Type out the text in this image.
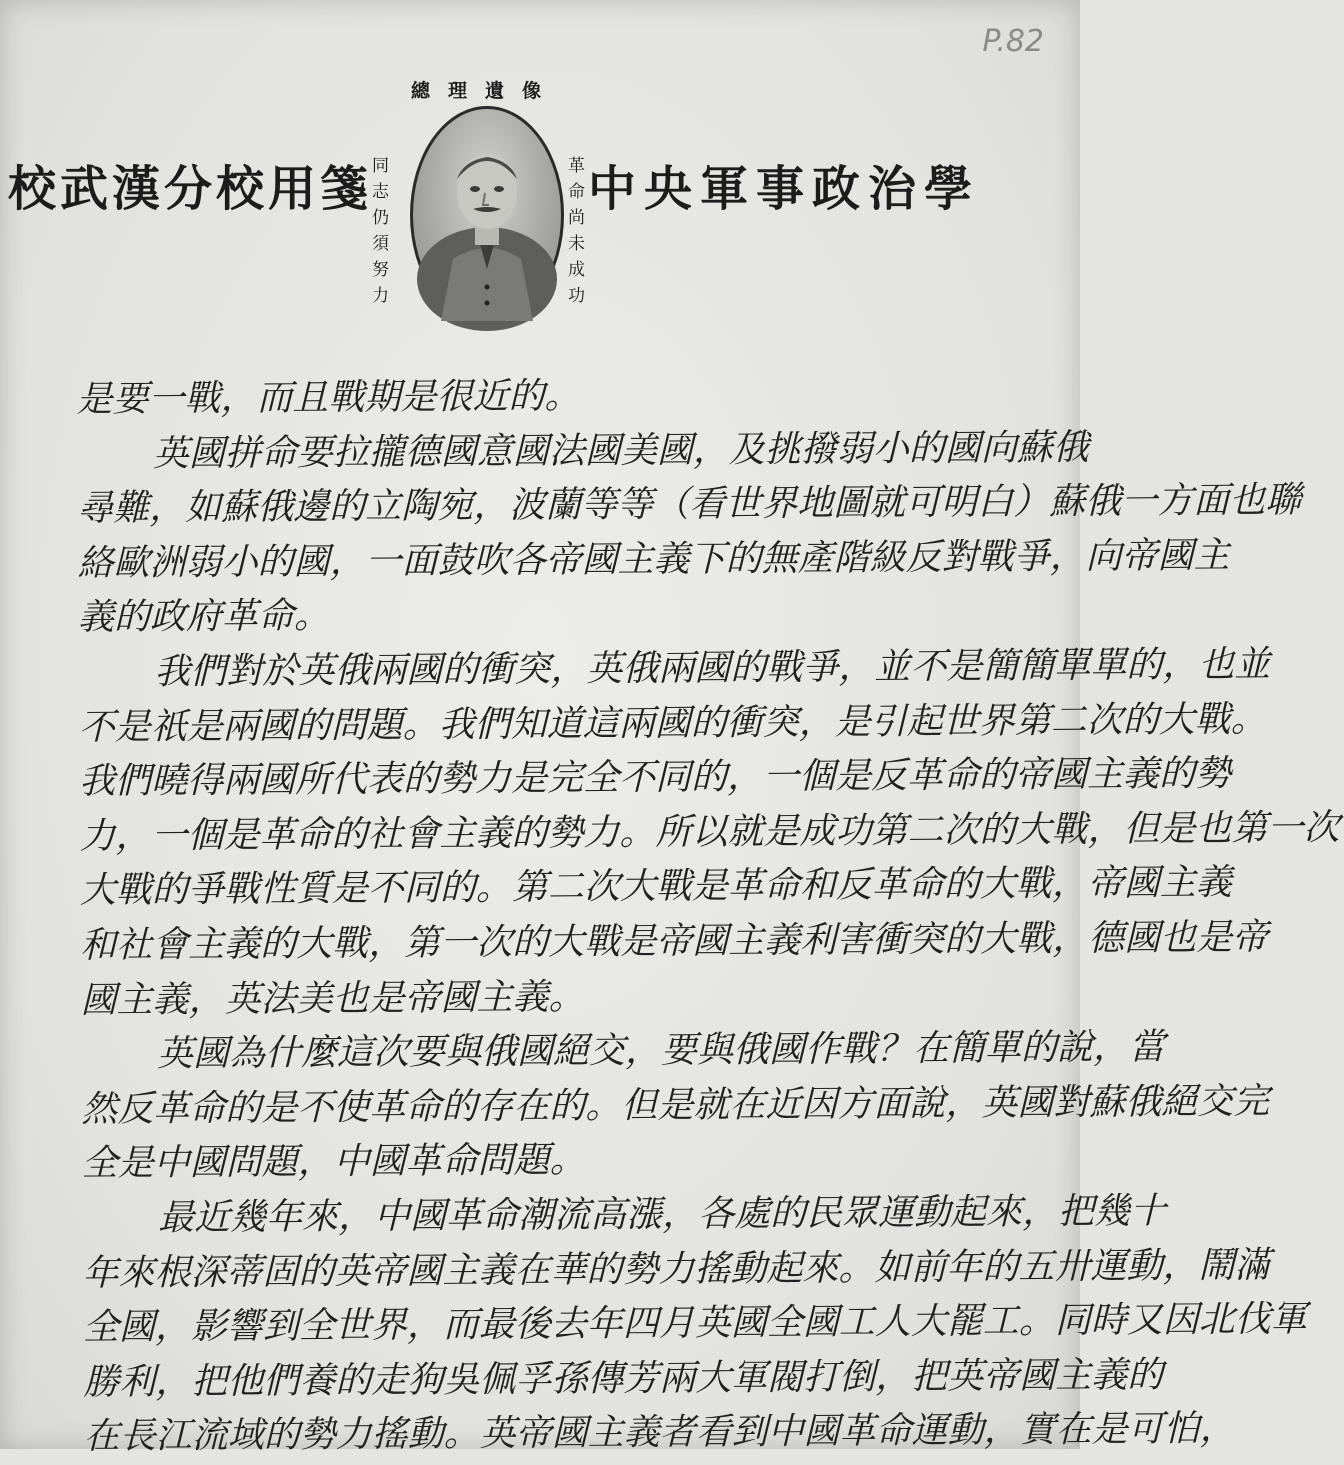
P.82
校武漢分校用箋	中央軍事政治學
總理遺像
同志仍須努力	革命尚未成功
是要一戰，而且戰期是很近的。
英國拼命要拉攏德國意國法國美國，及挑撥弱小的國向蘇俄
尋難，如蘇俄邊的立陶宛，波蘭等等（看世界地圖就可明白）蘇俄一方面也聯
絡歐洲弱小的國，一面鼓吹各帝國主義下的無產階級反對戰爭，向帝國主
義的政府革命。
我們對於英俄兩國的衝突，英俄兩國的戰爭，並不是簡簡單單的，也並
不是祇是兩國的問題。我們知道這兩國的衝突，是引起世界第二次的大戰。
我們曉得兩國所代表的勢力是完全不同的，一個是反革命的帝國主義的勢
力，一個是革命的社會主義的勢力。所以就是成功第二次的大戰，但是也第一次
大戰的爭戰性質是不同的。第二次大戰是革命和反革命的大戰，帝國主義
和社會主義的大戰，第一次的大戰是帝國主義利害衝突的大戰，德國也是帝
國主義，英法美也是帝國主義。
英國為什麼這次要與俄國絕交，要與俄國作戰？在簡單的說，當
然反革命的是不使革命的存在的。但是就在近因方面說，英國對蘇俄絕交完
全是中國問題，中國革命問題。
最近幾年來，中國革命潮流高漲，各處的民眾運動起來，把幾十
年來根深蒂固的英帝國主義在華的勢力搖動起來。如前年的五卅運動，鬧滿
全國，影響到全世界，而最後去年四月英國全國工人大罷工。同時又因北伐軍
勝利，把他們養的走狗吳佩孚孫傳芳兩大軍閥打倒，把英帝國主義的
在長江流域的勢力搖動。英帝國主義者看到中國革命運動，實在是可怕，
